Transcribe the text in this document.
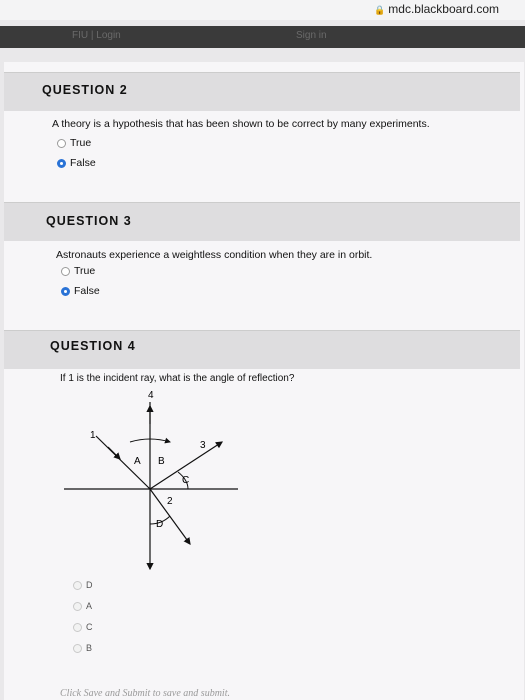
🔒 mdc.blackboard.com
FIU | Login	Sign in
QUESTION 2
A theory is a hypothesis that has been shown to be correct by many experiments.
True
False
QUESTION 3
Astronauts experience a weightless condition when they are in orbit.
True
False
QUESTION 4
If 1 is the incident ray, what is the angle of reflection?
4
1
3
2
A B
C
D
D
A
C
B
Click Save and Submit to save and submit.
